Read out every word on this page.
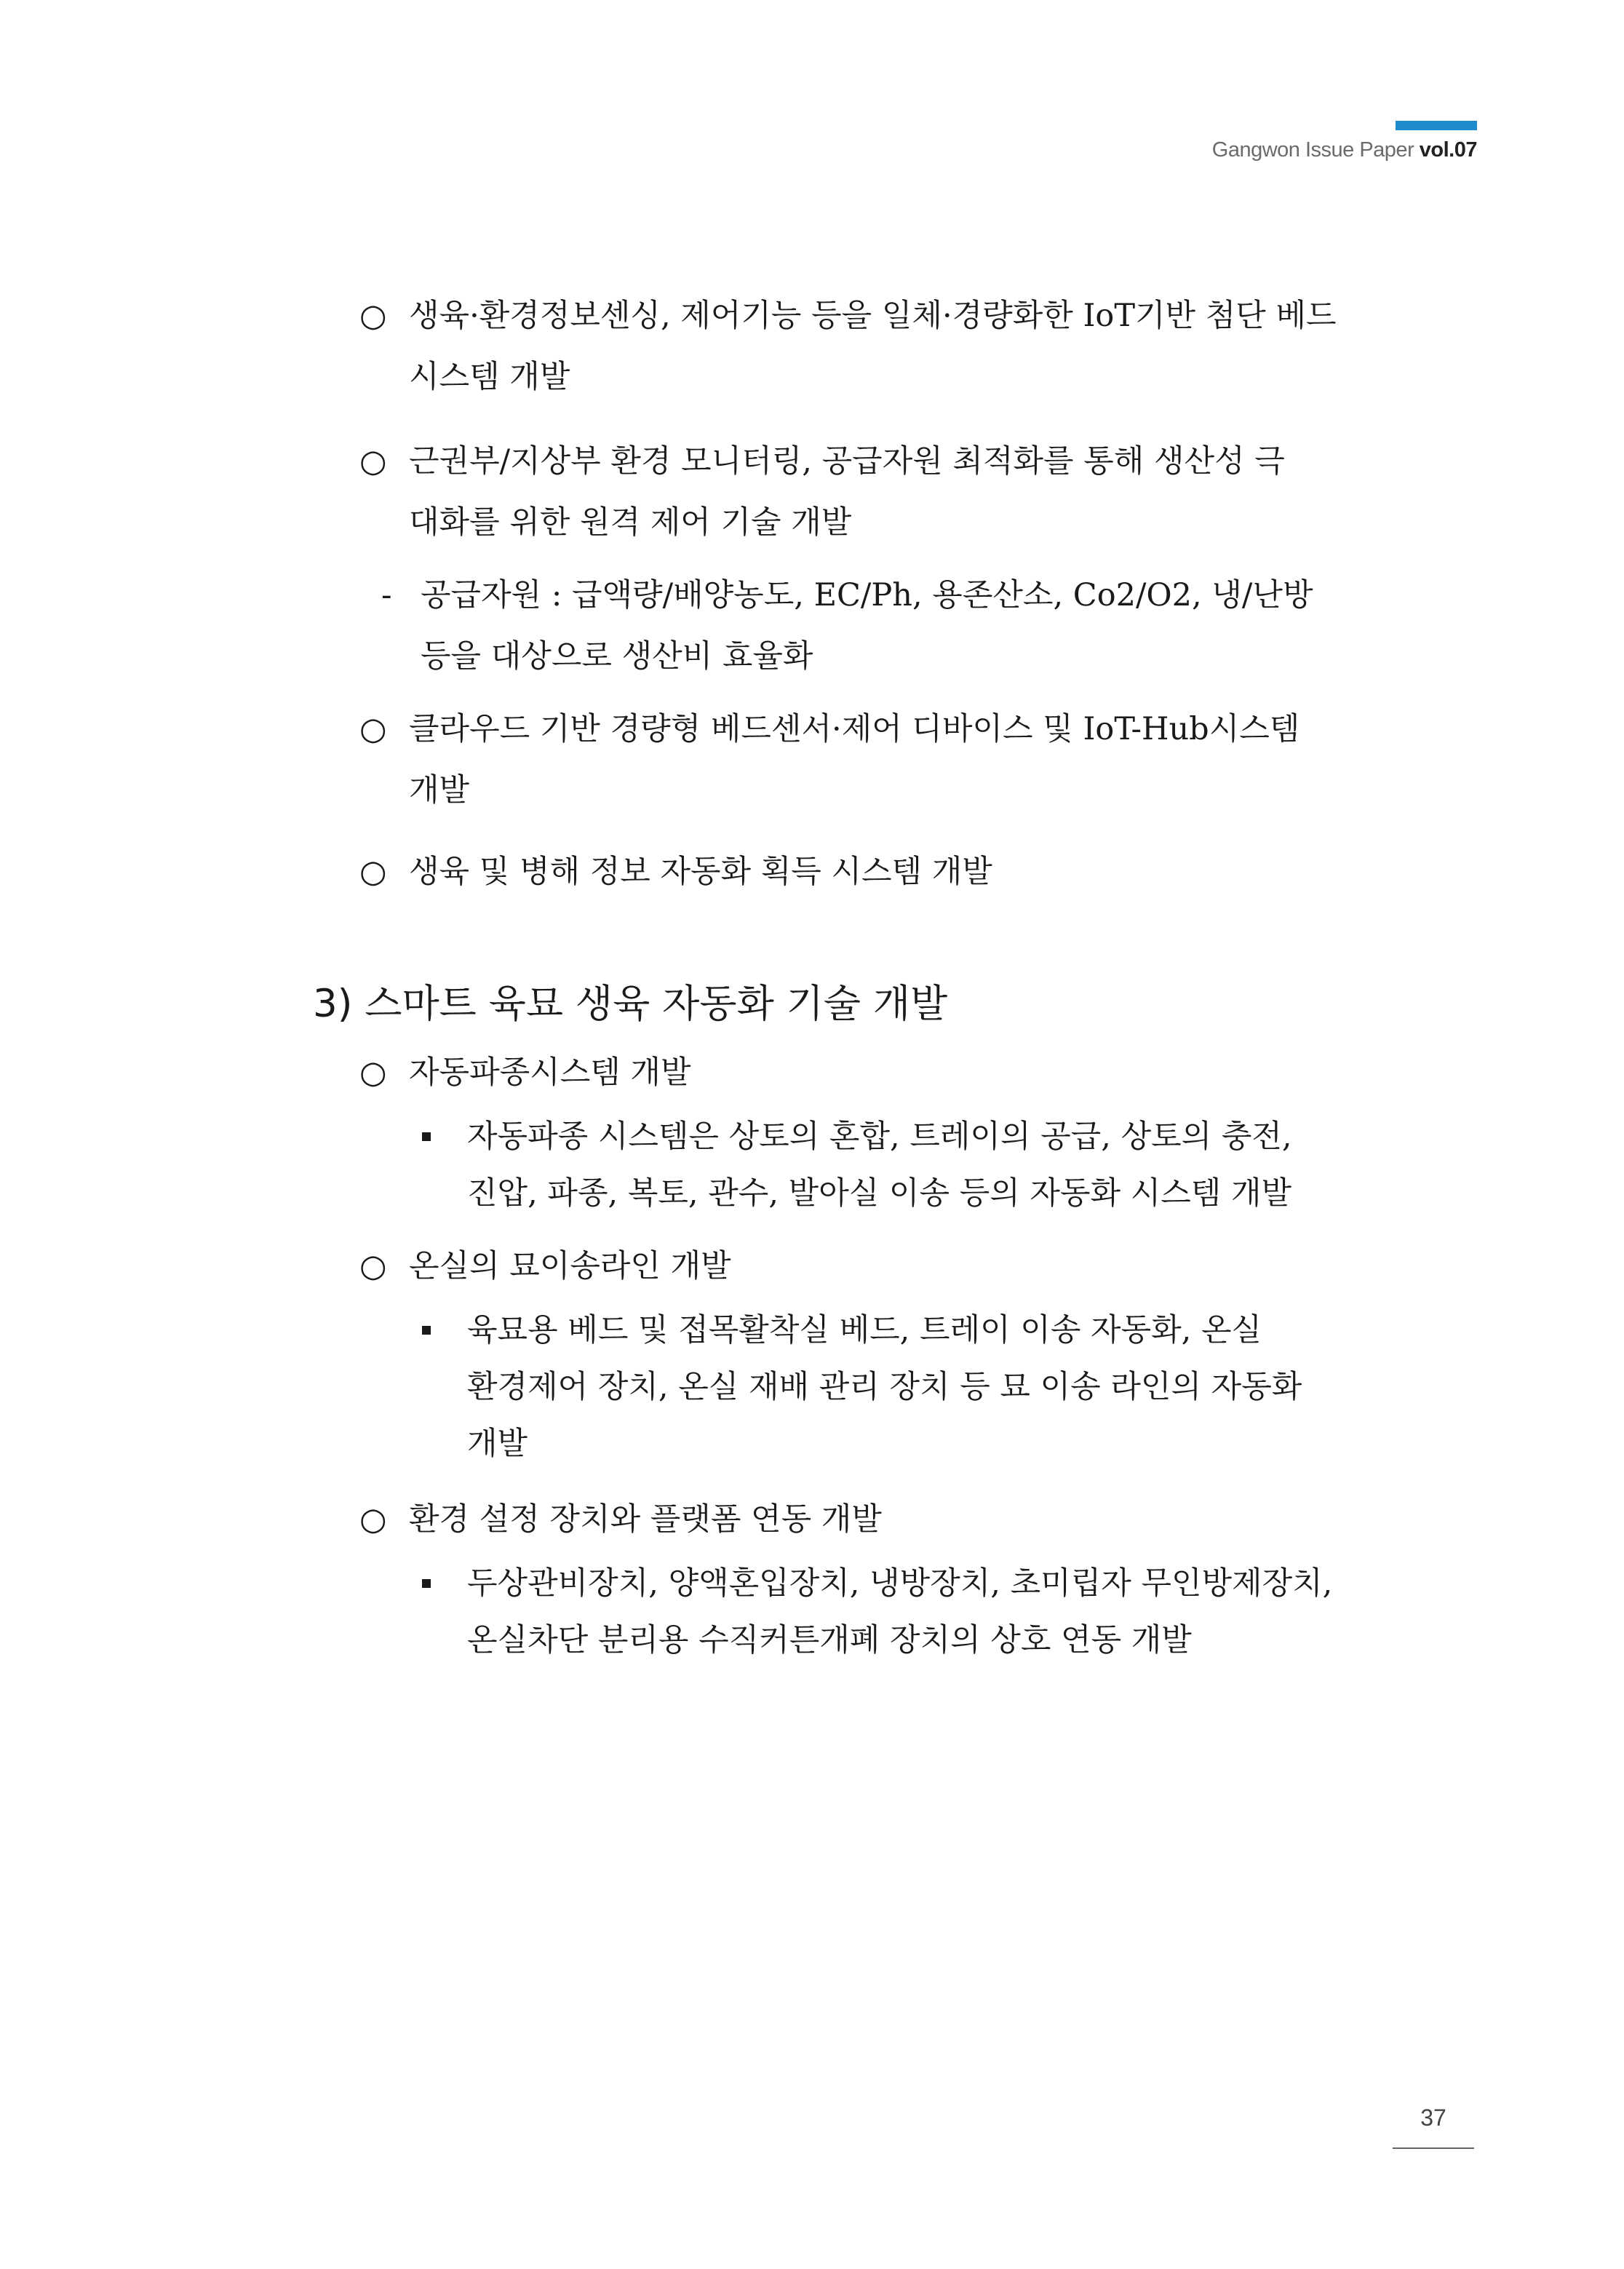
Gangwon Issue Paper vol.07
○ 생육·환경정보센싱, 제어기능 등을 일체·경량화한 IoT기반 첨단 베드
시스템 개발
○ 근권부/지상부 환경 모니터링, 공급자원 최적화를 통해 생산성 극
대화를 위한 원격 제어 기술 개발
- 공급자원 : 급액량/배양농도, EC/Ph, 용존산소, Co2/O2, 냉/난방
등을 대상으로 생산비 효율화
○ 클라우드 기반 경량형 베드센서·제어 디바이스 및 IoT-Hub시스템
개발
○ 생육 및 병해 정보 자동화 획득 시스템 개발
3) 스마트 육묘 생육 자동화 기술 개발
○ 자동파종시스템 개발
자동파종 시스템은 상토의 혼합, 트레이의 공급, 상토의 충전,
진압, 파종, 복토, 관수, 발아실 이송 등의 자동화 시스템 개발
○ 온실의 묘이송라인 개발
육묘용 베드 및 접목활착실 베드, 트레이 이송 자동화, 온실
환경제어 장치, 온실 재배 관리 장치 등 묘 이송 라인의 자동화
개발
○ 환경 설정 장치와 플랫폼 연동 개발
두상관비장치, 양액혼입장치, 냉방장치, 초미립자 무인방제장치,
온실차단 분리용 수직커튼개폐 장치의 상호 연동 개발
37
